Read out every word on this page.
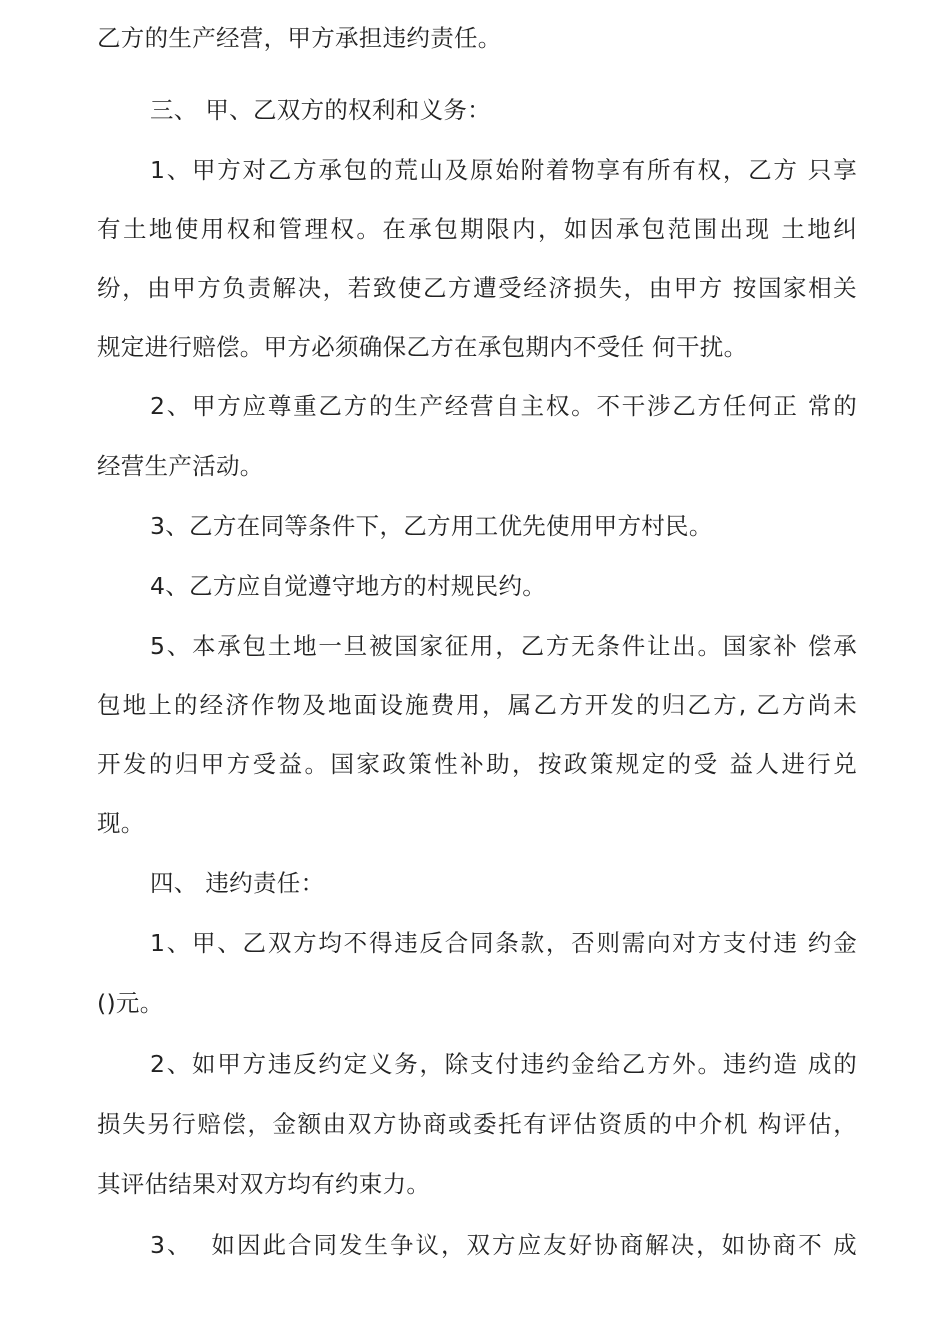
乙方的生产经营，甲方承担违约责任。
三、 甲、乙双方的权利和义务：
1、甲方对乙方承包的荒山及原始附着物享有所有权，乙方 只享
有土地使用权和管理权。在承包期限内，如因承包范围出现 土地纠
纷，由甲方负责解决，若致使乙方遭受经济损失，由甲方 按国家相关
规定进行赔偿。甲方必须确保乙方在承包期内不受任 何干扰。
2、甲方应尊重乙方的生产经营自主权。不干涉乙方任何正 常的
经营生产活动。
3、乙方在同等条件下，乙方用工优先使用甲方村民。
4、乙方应自觉遵守地方的村规民约。
5、本承包土地一旦被国家征用，乙方无条件让出。国家补 偿承
包地上的经济作物及地面设施费用，属乙方开发的归乙方, 乙方尚未
开发的归甲方受益。国家政策性补助，按政策规定的受 益人进行兑
现。
四、 违约责任：
1、甲、乙双方均不得违反合同条款，否则需向对方支付违 约金
()元。
2、如甲方违反约定义务，除支付违约金给乙方外。违约造 成的
损失另行赔偿，金额由双方协商或委托有评估资质的中介机 构评估，
其评估结果对双方均有约束力。
3、  如因此合同发生争议，双方应友好协商解决，如协商不 成
